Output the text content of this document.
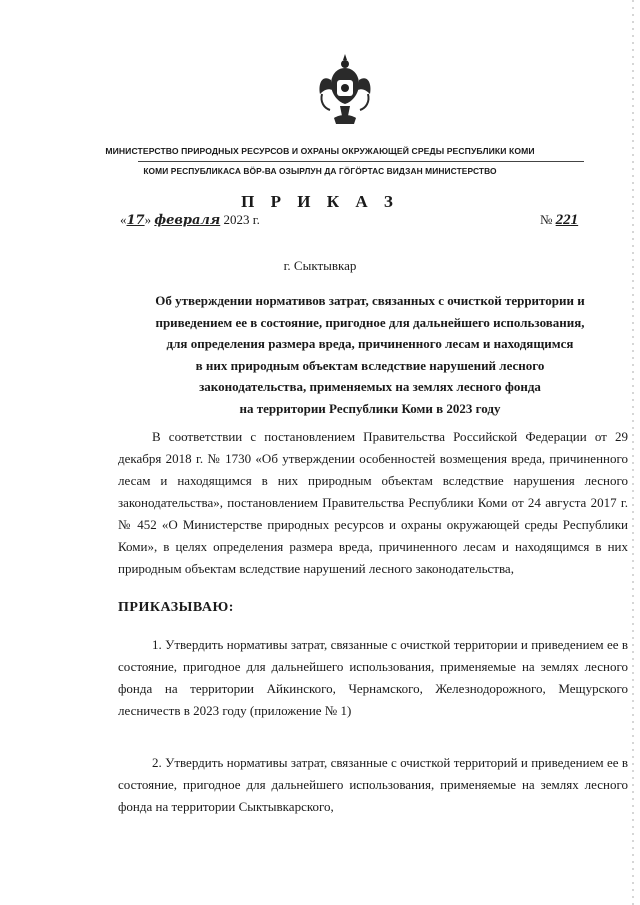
МИНИСТЕРСТВО ПРИРОДНЫХ РЕСУРСОВ И ОХРАНЫ ОКРУЖАЮЩЕЙ СРЕДЫ РЕСПУБЛИКИ КОМИ
КОМИ РЕСПУБЛИКАСА ВӦР-ВА ОЗЫРЛУН ДА ГӦГӦРТАС ВИДЗАН МИНИСТЕРСТВО
П Р И К А З
«17» февраля 2023 г.	№ 221
г. Сыктывкар
Об утверждении нормативов затрат, связанных с очисткой территории и
приведением ее в состояние, пригодное для дальнейшего использования,
для определения размера вреда, причиненного лесам и находящимся
в них природным объектам вследствие нарушений лесного
законодательства, применяемых на землях лесного фонда
на территории Республики Коми в 2023 году
В соответствии с постановлением Правительства Российской Федерации от 29 декабря 2018 г. № 1730 «Об утверждении особенностей возмещения вреда, причиненного лесам и находящимся в них природным объектам вследствие нарушения лесного законодательства», постановлением Правительства Республики Коми от 24 августа 2017 г. № 452 «О Министерстве природных ресурсов и охраны окружающей среды Республики Коми», в целях определения размера вреда, причиненного лесам и находящимся в них природным объектам вследствие нарушений лесного законодательства,
ПРИКАЗЫВАЮ:
1. Утвердить нормативы затрат, связанные с очисткой территории и приведением ее в состояние, пригодное для дальнейшего использования, применяемые на землях лесного фонда на территории Айкинского, Чернамского, Железнодорожного, Мещурского лесничеств в 2023 году (приложение № 1)
2. Утвердить нормативы затрат, связанные с очисткой территорий и приведением ее в состояние, пригодное для дальнейшего использования, применяемые на землях лесного фонда на территории Сыктывкарского,
